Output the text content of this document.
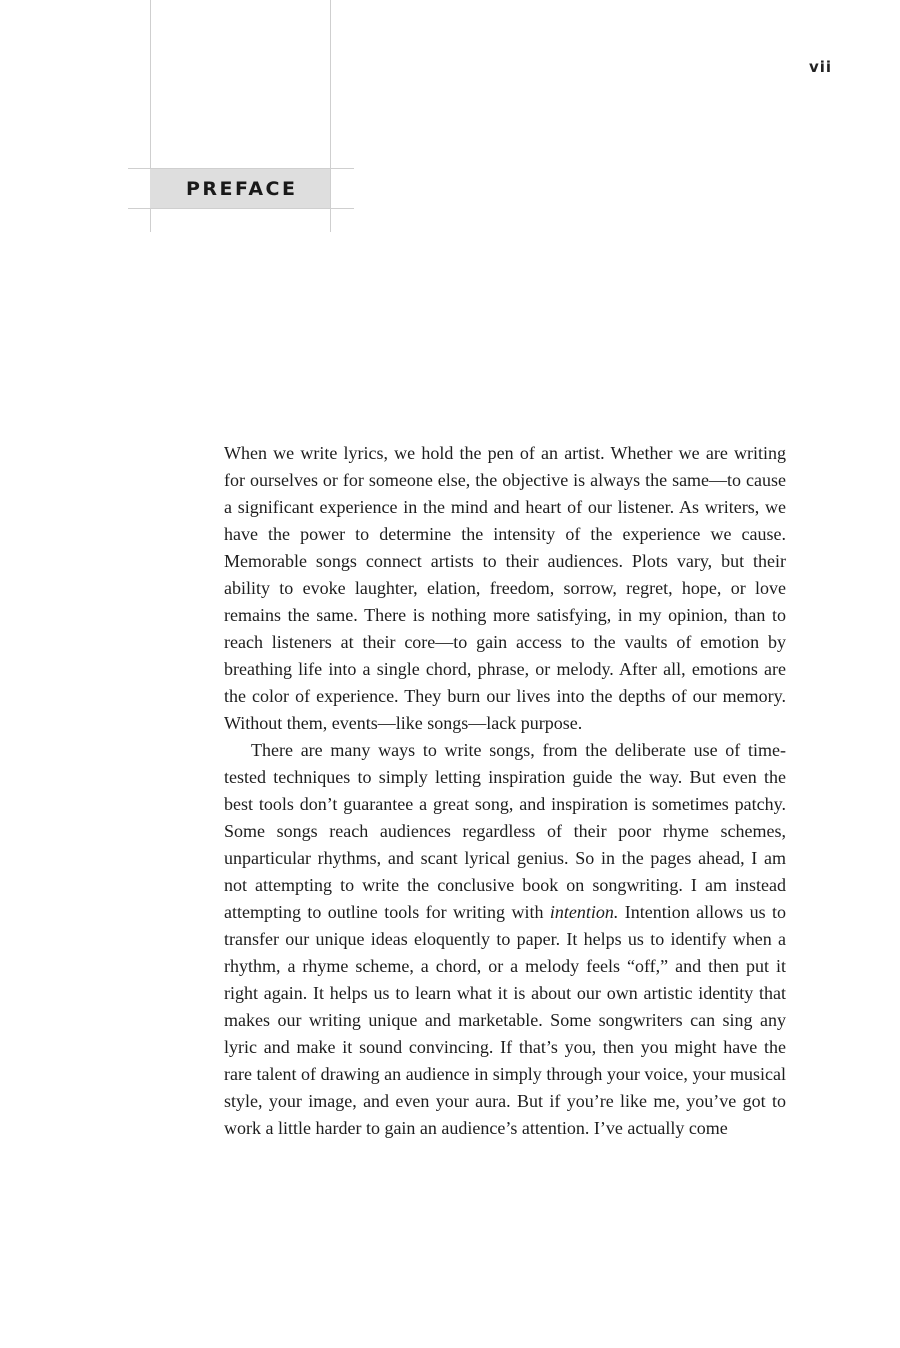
vii
PREFACE

When we write lyrics, we hold the pen of an artist. Whether we are writing for ourselves or for someone else, the objective is always the same—to cause a significant experience in the mind and heart of our listener. As writers, we have the power to determine the intensity of the experience we cause. Memorable songs connect artists to their audiences. Plots vary, but their ability to evoke laughter, elation, freedom, sorrow, regret, hope, or love remains the same. There is nothing more satisfying, in my opinion, than to reach listeners at their core—to gain access to the vaults of emotion by breathing life into a single chord, phrase, or melody. After all, emotions are the color of experience. They burn our lives into the depths of our memory. Without them, events—like songs—lack purpose.

There are many ways to write songs, from the deliberate use of time-tested techniques to simply letting inspiration guide the way. But even the best tools don’t guarantee a great song, and inspiration is sometimes patchy. Some songs reach audiences regardless of their poor rhyme schemes, unparticular rhythms, and scant lyrical genius. So in the pages ahead, I am not attempting to write the conclusive book on songwriting. I am instead attempting to outline tools for writing with intention. Intention allows us to transfer our unique ideas eloquently to paper. It helps us to identify when a rhythm, a rhyme scheme, a chord, or a melody feels “off,” and then put it right again. It helps us to learn what it is about our own artistic identity that makes our writing unique and marketable. Some songwriters can sing any lyric and make it sound convincing. If that’s you, then you might have the rare talent of drawing an audience in simply through your voice, your musical style, your image, and even your aura. But if you’re like me, you’ve got to work a little harder to gain an audience’s attention. I’ve actually come
